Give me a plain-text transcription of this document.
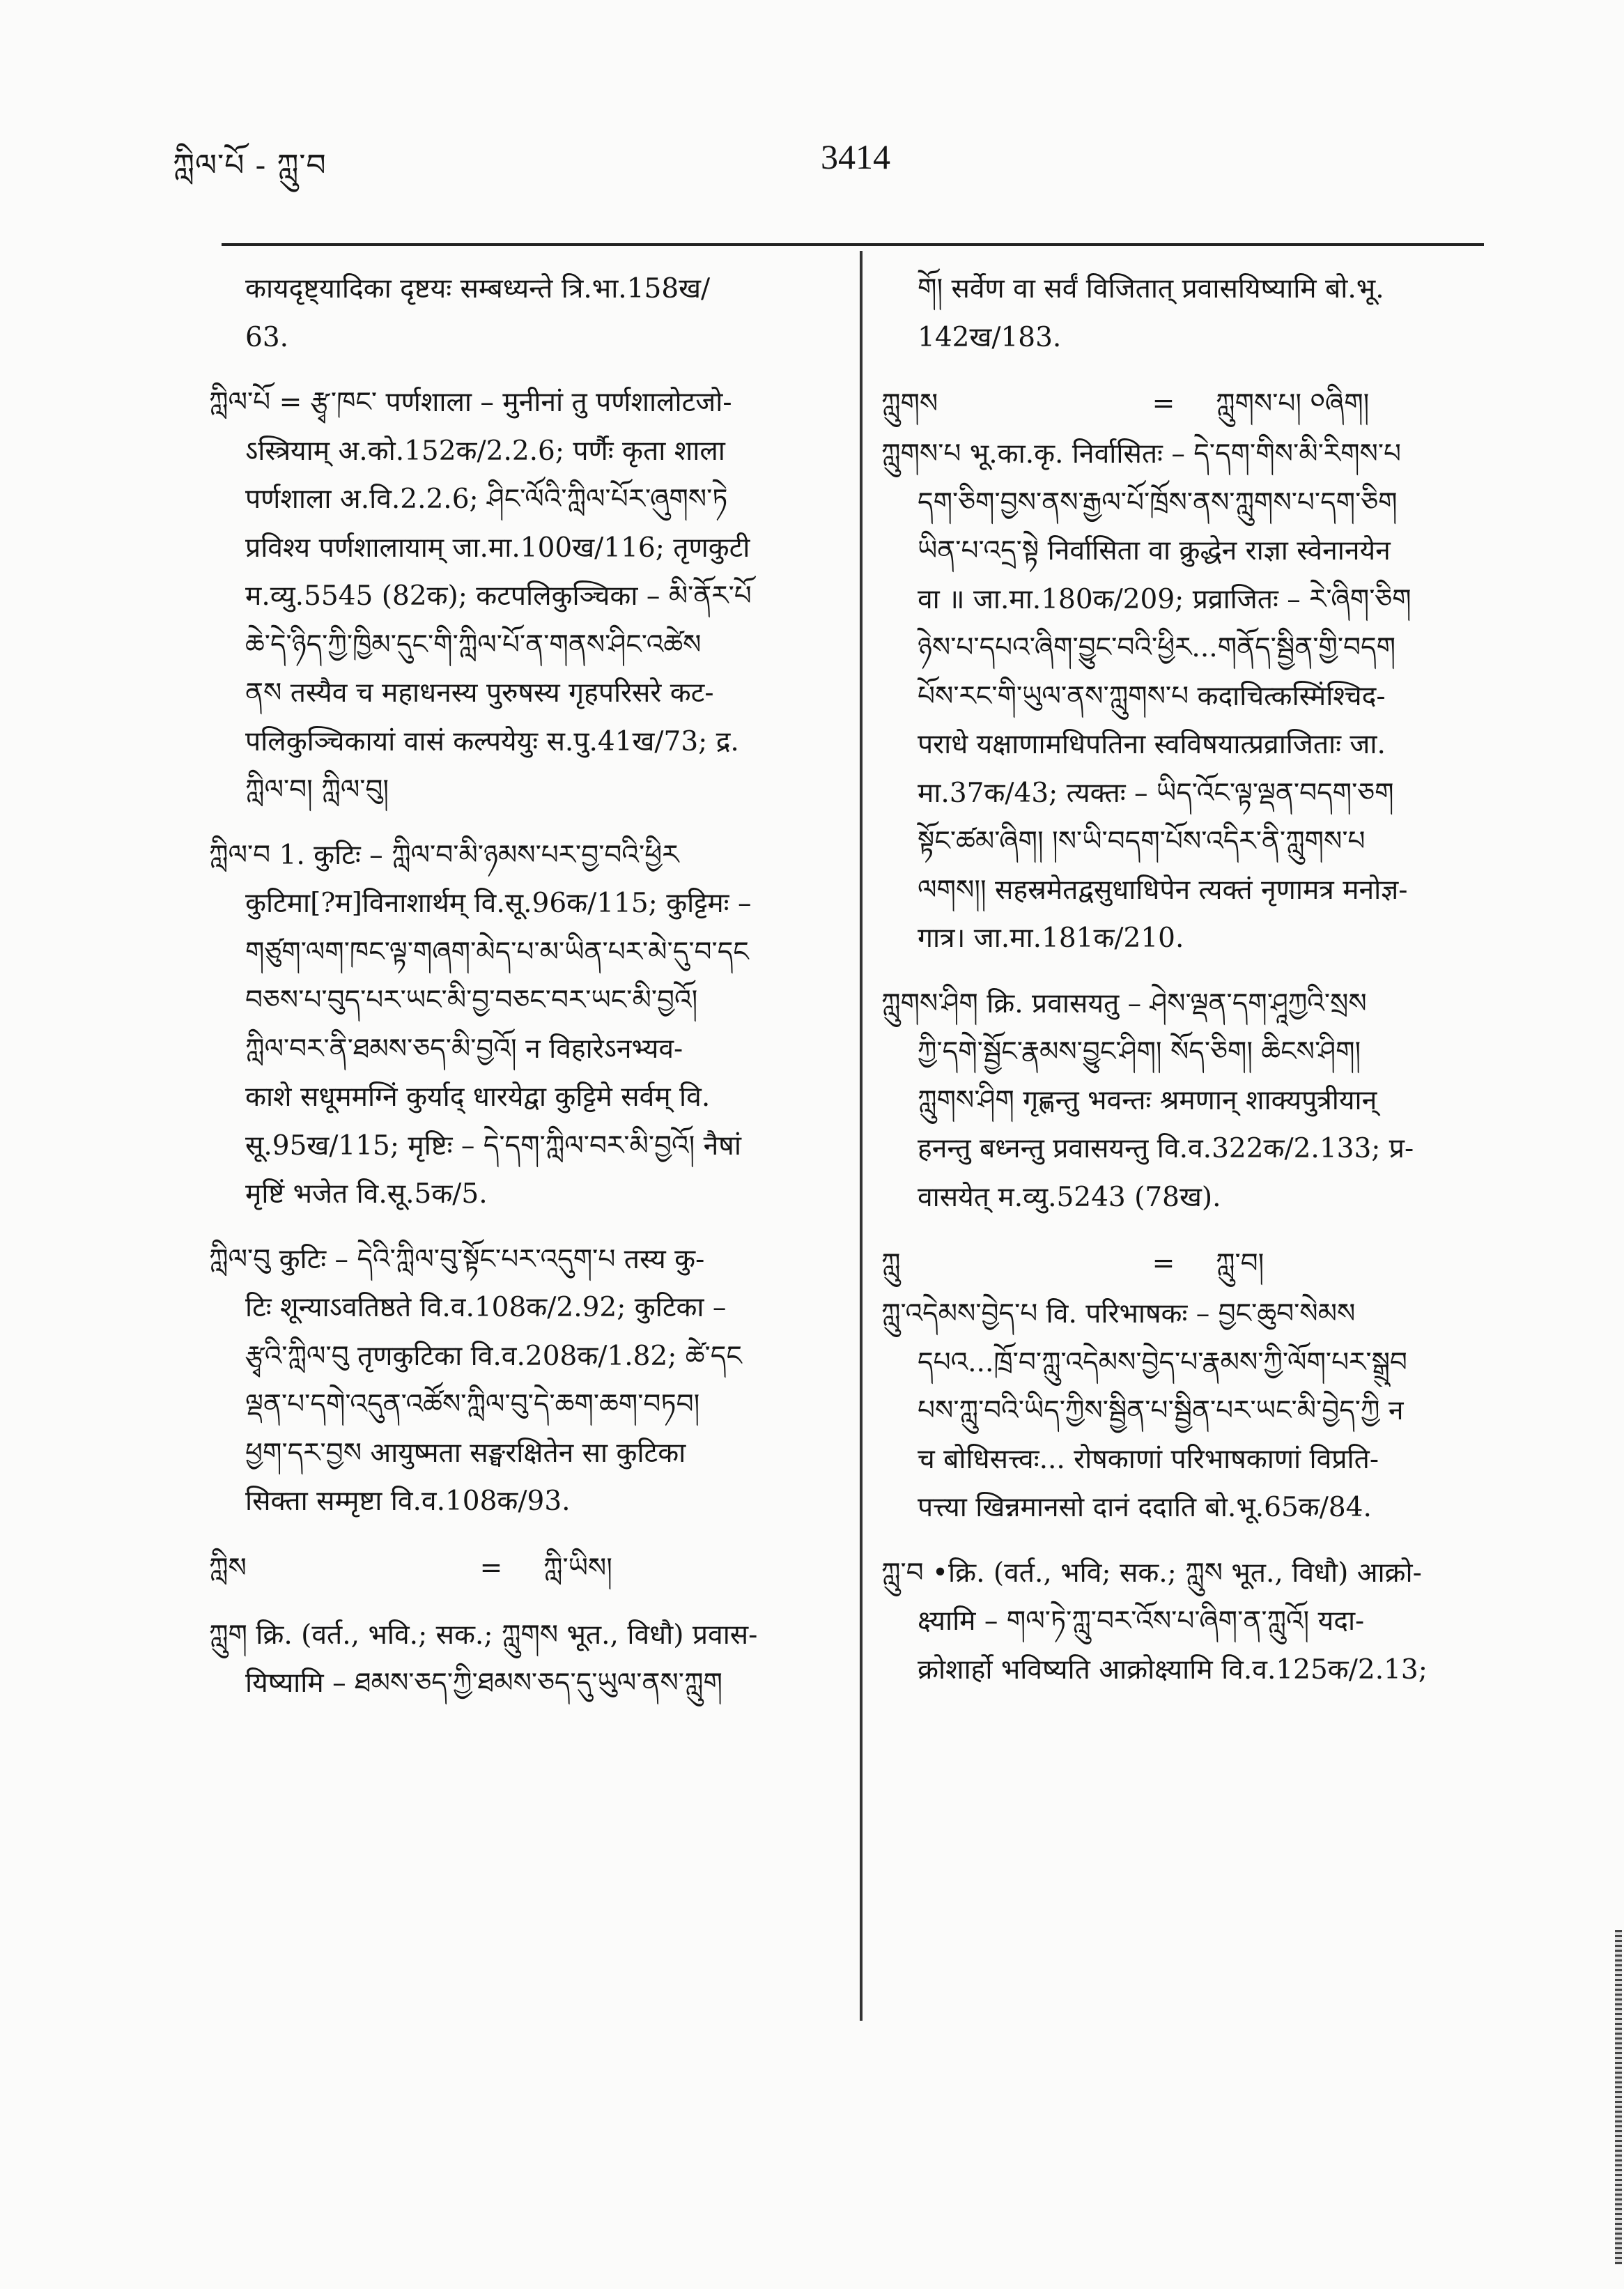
ཀླིལ་པོ - ཀླུ་བ	3414
कायदृष्ट्यादिका दृष्टयः सम्बध्यन्ते त्रि.भा.158ख/
63.
ཀླིལ་པོ = རྩྭ་ཁང་ पर्णशाला – मुनीनां तु पर्णशालोटजो-
ऽस्त्रियाम् अ.को.152क/2.2.6; पर्णैः कृता शाला
पर्णशाला अ.वि.2.2.6; ཤིང་ལོའི་ཀླིལ་པོར་ཞུགས་ཏེ
प्रविश्य पर्णशालायाम् जा.मा.100ख/116; तृणकुटी
म.व्यु.5545 (82क); कटपलिकुञ्चिका – མི་ནོར་པོ
ཆེ་དེ་ཉིད་ཀྱི་ཁྱིམ་དུང་གི་ཀླིལ་པོ་ན་གནས་ཤིང་འཚེས
ནས तस्यैव च महाधनस्य पुरुषस्य गृहपरिसरे कट-
पलिकुञ्चिकायां वासं कल्पयेयुः स.पु.41ख/73; द्र.
ཀླིལ་བ། ཀླིལ་བུ།
ཀླིལ་བ 1. कुटिः – ཀླིལ་བ་མི་ཉམས་པར་བྱ་བའི་ཕྱིར
कुटिमा[?म]विनाशार्थम् वि.सू.96क/115; कुट्टिमः –
གཙུག་ལག་ཁང་ལྟ་གཞག་མེད་པ་མ་ཡིན་པར་མེ་དུ་བ་དང
བཅས་པ་བུད་པར་ཡང་མི་བྱ་བཅང་བར་ཡང་མི་བྱའོ།
ཀླིལ་བར་ནི་ཐམས་ཅད་མི་བྱའོ། न विहारेऽनभ्यव-
काशे सधूममग्निं कुर्याद् धारयेद्वा कुट्टिमे सर्वम् वि.
सू.95ख/115; मृष्टिः – དེ་དག་ཀླིལ་བར་མི་བྱའོ། नैषां
मृष्टिं भजेत वि.सू.5क/5.
ཀླིལ་བུ कुटिः – དེའི་ཀླིལ་བུ་སྟོང་པར་འདུག་པ तस्य कु-
टिः शून्याऽवतिष्ठते वि.व.108क/2.92; कुटिका –
རྩྭའི་ཀླིལ་བུ तृणकुटिका वि.व.208क/1.82; ཚེ་དང
ལྡན་པ་དགེ་འདུན་འཚོས་ཀླིལ་བུ་དེ་ཆག་ཆག་བཏབ།
ཕྱག་དར་བྱས आयुष्मता सङ्घरक्षितेन सा कुटिका
सिक्ता सम्मृष्टा वि.व.108क/93.
ཀླིས	=	ཀླི་ཡིས།
ཀླུག क्रि. (वर्त., भवि.; सक.; ཀླུགས भूत., विधौ) प्रवास-
यिष्यामि – ཐམས་ཅད་ཀྱི་ཐམས་ཅད་དུ་ཡུལ་ནས་ཀླུག
གོ། सर्वेण वा सर्वं विजितात् प्रवासयिष्यामि बो.भू.
142ख/183.
ཀླུགས	=	ཀླུགས་པ། ༠ཞིག།
ཀླུགས་པ भू.का.कृ. निर्वासितः – དེ་དག་གིས་མི་རིགས་པ
དག་ཅིག་བྱས་ནས་རྒྱལ་པོ་ཁྲོས་ནས་ཀླུགས་པ་དག་ཅིག
ཡིན་པ་འདྲ་སྟེ निर्वासिता वा क्रुद्धेन राज्ञा स्वेनानयेन
वा ॥ जा.मा.180क/209; प्रव्राजितः – རེ་ཞིག་ཅིག
ཉེས་པ་དཔའ་ཞིག་བྱུང་བའི་ཕྱིར...གནོད་སྦྱིན་གྱི་བདག
པོས་རང་གི་ཡུལ་ནས་ཀླུགས་པ कदाचित्कस्मिंश्चिद-
पराधे यक्षाणामधिपतिना स्वविषयात्प्रव्राजिताः जा.
मा.37क/43; त्यक्तः – ཡིད་འོང་ལྟ་ལྡན་བདག་ཅག
སྟོང་ཚམ་ཞིག། །ས་ཡི་བདག་པོས་འདིར་ནི་ཀླུགས་པ
ལགས།། सहस्रमेतद्वसुधाधिपेन त्यक्तं नृणामत्र मनोज्ञ-
गात्र। जा.मा.181क/210.
ཀླུགས་ཤིག क्रि. प्रवासयतु – ཤེས་ལྡན་དག་ཤཱཀྱའི་སྲས
ཀྱི་དགེ་སྦྱོང་རྣམས་བྱུང་ཤིག། སོད་ཅིག། ཆིངས་ཤིག།
ཀླུགས་ཤིག गृह्णन्तु भवन्तः श्रमणान् शाक्यपुत्रीयान्
हनन्तु बध्नन्तु प्रवासयन्तु वि.व.322क/2.133; प्र-
वासयेत् म.व्यु.5243 (78ख).
ཀླུ	=	ཀླུ་བ།
ཀླུ་འདེམས་བྱེད་པ वि. परिभाषकः – བྱང་ཆུབ་སེམས
དཔའ...ཁྲོ་བ་ཀླུ་འདེམས་བྱེད་པ་རྣམས་ཀྱི་ལོག་པར་སྒྲུབ
པས་ཀླུ་བའི་ཡིད་ཀྱིས་སྦྱིན་པ་སྦྱིན་པར་ཡང་མི་བྱེད་ཀྱི न
च बोधिसत्त्वः... रोषकाणां परिभाषकाणां विप्रति-
पत्त्या खिन्नमानसो दानं ददाति बो.भू.65क/84.
ཀླུ་བ •क्रि. (वर्त., भवि; सक.; ཀླུས भूत., विधौ) आक्रो-
क्ष्यामि – གལ་ཏེ་ཀླུ་བར་འོས་པ་ཞིག་ན་ཀླུའོ། यदा-
क्रोशार्हो भविष्यति आक्रोक्ष्यामि वि.व.125क/2.13;
